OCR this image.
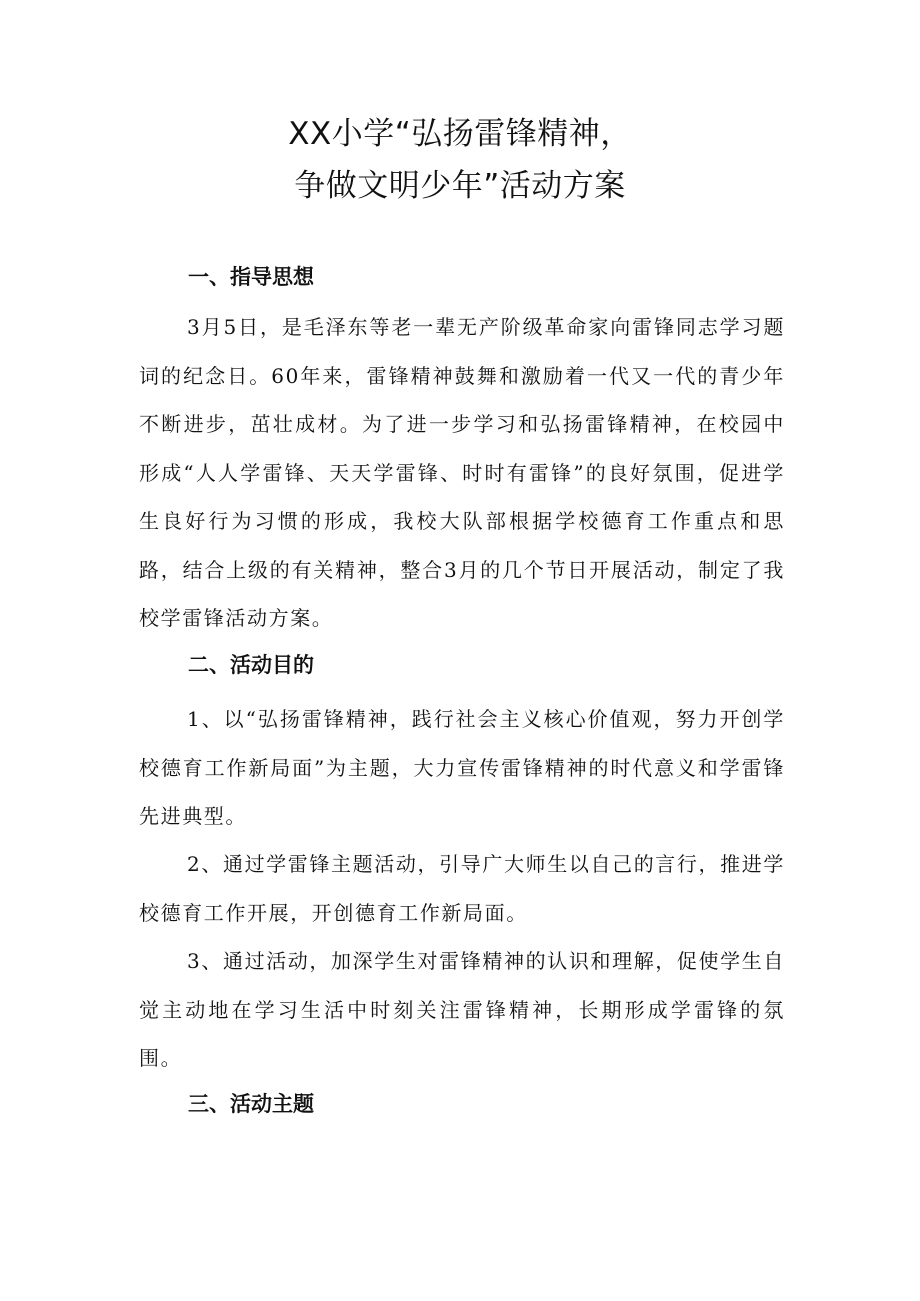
XX小学“弘扬雷锋精神，
争做文明少年”活动方案
一、指导思想

3月5日，是毛泽东等老一辈无产阶级革命家向雷锋同志学习题词的纪念日。60年来，雷锋精神鼓舞和激励着一代又一代的青少年不断进步，茁壮成材。为了进一步学习和弘扬雷锋精神，在校园中形成“人人学雷锋、天天学雷锋、时时有雷锋”的良好氛围，促进学生良好行为习惯的形成，我校大队部根据学校德育工作重点和思路，结合上级的有关精神，整合3月的几个节日开展活动，制定了我校学雷锋活动方案。

二、活动目的

1、以“弘扬雷锋精神，践行社会主义核心价值观，努力开创学校德育工作新局面”为主题，大力宣传雷锋精神的时代意义和学雷锋先进典型。

2、通过学雷锋主题活动，引导广大师生以自己的言行，推进学校德育工作开展，开创德育工作新局面。

3、通过活动，加深学生对雷锋精神的认识和理解，促使学生自觉主动地在学习生活中时刻关注雷锋精神，长期形成学雷锋的氛围。

三、活动主题
